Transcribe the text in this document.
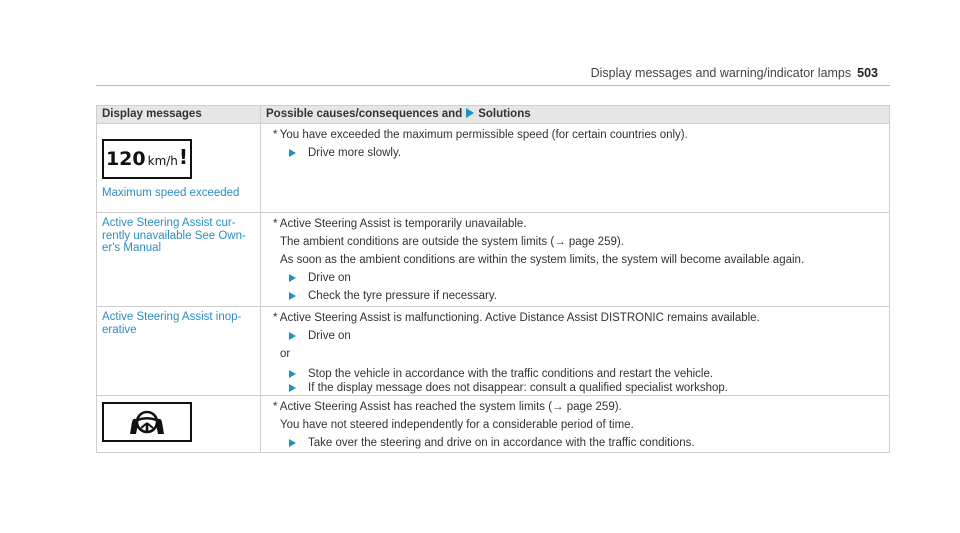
Display messages and warning/indicator lamps 503
Display messages	Possible causes/consequences and Solutions
120 km/h !
Maximum speed exceeded
* You have exceeded the maximum permissible speed (for certain countries only).
Drive more slowly.
Active Steering Assist cur-
rently unavailable See Own-
er's Manual
* Active Steering Assist is temporarily unavailable.
The ambient conditions are outside the system limits (→ page 259).
As soon as the ambient conditions are within the system limits, the system will become available again.
Drive on
Check the tyre pressure if necessary.
Active Steering Assist inop-
erative
* Active Steering Assist is malfunctioning. Active Distance Assist DISTRONIC remains available.
Drive on
or
Stop the vehicle in accordance with the traffic conditions and restart the vehicle.
If the display message does not disappear: consult a qualified specialist workshop.
* Active Steering Assist has reached the system limits (→ page 259).
You have not steered independently for a considerable period of time.
Take over the steering and drive on in accordance with the traffic conditions.
